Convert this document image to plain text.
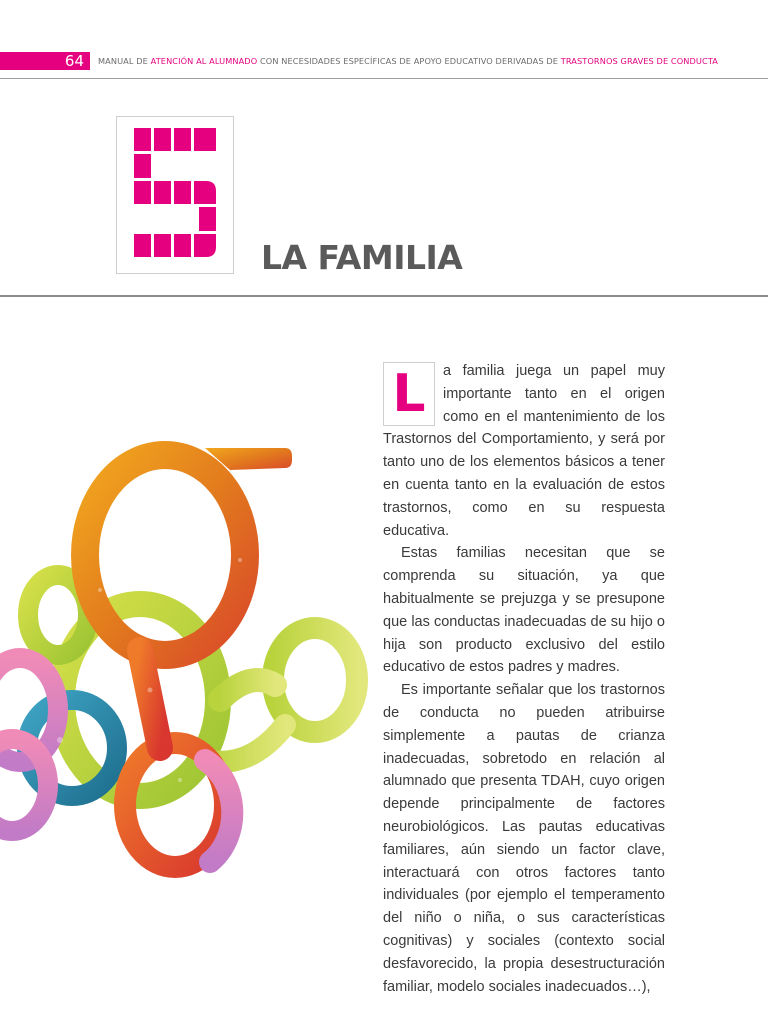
64 MANUAL DE ATENCIÓN AL ALUMNADO CON NECESIDADES ESPECÍFICAS DE APOYO EDUCATIVO DERIVADAS DE TRASTORNOS GRAVES DE CONDUCTA
LA FAMILIA
L	a familia juega un papel muy importante tanto en el origen como en el mantenimiento de los Trastornos del Comportamiento, y será por tanto uno de los elementos básicos a tener en cuenta tanto en la evaluación de estos trastornos, como en su respuesta educativa.

Estas familias necesitan que se comprenda su situación, ya que habitualmente se prejuzga y se presupone que las conductas inadecuadas de su hijo o hija son producto exclusivo del estilo educativo de estos padres y madres.

Es importante señalar que los trastornos de conducta no pueden atribuirse simplemente a pautas de crianza inadecuadas, sobretodo en relación al alumnado que presenta TDAH, cuyo origen depende principalmente de factores neurobiológicos. Las pautas educativas familiares, aún siendo un factor clave, interactuará con otros factores tanto individuales (por ejemplo el temperamento del niño o niña, o sus características cognitivas) y sociales (contexto social desfavorecido, la propia desestructuración familiar, modelo sociales inadecuados…),
